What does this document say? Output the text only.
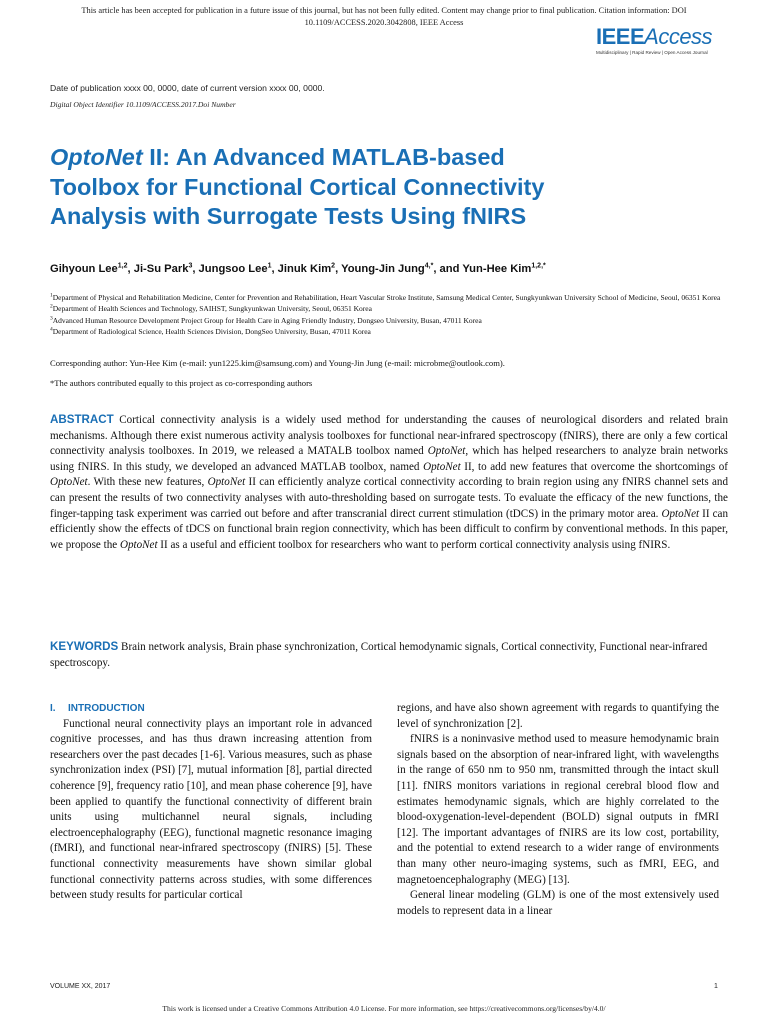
This article has been accepted for publication in a future issue of this journal, but has not been fully edited. Content may change prior to final publication. Citation information: DOI
10.1109/ACCESS.2020.3042808, IEEE Access
IEEEAccess
Multidisciplinary | Rapid Review | Open Access Journal
Date of publication xxxx 00, 0000, date of current version xxxx 00, 0000.
Digital Object Identifier 10.1109/ACCESS.2017.Doi Number
OptoNet II: An Advanced MATLAB-based
Toolbox for Functional Cortical Connectivity
Analysis with Surrogate Tests Using fNIRS
Gihyoun Lee$^{1,2}$, Ji-Su Park$^3$, Jungsoo Lee$^1$, Jinuk Kim$^2$, Young-Jin Jung$^{4,*}$, and Yun-Hee Kim$^{1,2,*}$
$^1$Department of Physical and Rehabilitation Medicine, Center for Prevention and Rehabilitation, Heart Vascular Stroke Institute, Samsung Medical Center, Sungkyunkwan University School of Medicine, Seoul, 06351 Korea
$^2$Department of Health Sciences and Technology, SAIHST, Sungkyunkwan University, Seoul, 06351 Korea
$^3$Advanced Human Resource Development Project Group for Health Care in Aging Friendly Industry, Dongseo University, Busan, 47011 Korea
$^4$Department of Radiological Science, Health Sciences Division, DongSeo University, Busan, 47011 Korea
Corresponding author: Yun-Hee Kim (e-mail: yun1225.kim@samsung.com) and Young-Jin Jung (e-mail: microbme@outlook.com).
*The authors contributed equally to this project as co-corresponding authors
ABSTRACT Cortical connectivity analysis is a widely used method for understanding the causes of neurological disorders and related brain mechanisms. Although there exist numerous activity analysis toolboxes for functional near-infrared spectroscopy (fNIRS), there are only a few cortical connectivity analysis toolboxes. In 2019, we released a MATALB toolbox named OptoNet, which has helped researchers to analyze brain networks using fNIRS. In this study, we developed an advanced MATLAB toolbox, named OptoNet II, to add new features that overcome the shortcomings of OptoNet. With these new features, OptoNet II can efficiently analyze cortical connectivity according to brain region using any fNIRS channel sets and can present the results of two connectivity analyses with auto-thresholding based on surrogate tests. To evaluate the efficacy of the new functions, the finger-tapping task experiment was carried out before and after transcranial direct current stimulation (tDCS) in the primary motor area. OptoNet II can efficiently show the effects of tDCS on functional brain region connectivity, which has been difficult to confirm by conventional methods. In this paper, we propose the OptoNet II as a useful and efficient toolbox for researchers who want to perform cortical connectivity analysis using fNIRS.
KEYWORDS Brain network analysis, Brain phase synchronization, Cortical hemodynamic signals, Cortical connectivity, Functional near-infrared spectroscopy.
I. INTRODUCTION

Functional neural connectivity plays an important role in advanced cognitive processes, and has thus drawn increasing attention from researchers over the past decades [1-6]. Various measures, such as phase synchronization index (PSI) [7], mutual information [8], partial directed coherence [9], frequency ratio [10], and mean phase coherence [9], have been applied to quantify the functional connectivity of different brain units using multichannel neural signals, including electroencephalography (EEG), functional magnetic resonance imaging (fMRI), and functional near-infrared spectroscopy (fNIRS) [5]. These functional connectivity measurements have shown similar global functional connectivity patterns across studies, with some differences between study results for particular cortical

regions, and have also shown agreement with regards to quantifying the level of synchronization [2].

fNIRS is a noninvasive method used to measure hemodynamic brain signals based on the absorption of near-infrared light, with wavelengths in the range of 650 nm to 950 nm, transmitted through the intact skull [11]. fNIRS monitors variations in regional cerebral blood flow and estimates hemodynamic signals, which are highly correlated to the blood-oxygenation-level-dependent (BOLD) signal outputs in fMRI [12]. The important advantages of fNIRS are its low cost, portability, and the potential to extend research to a wider range of environments than many other neuro-imaging systems, such as fMRI, EEG, and magnetoencephalography (MEG) [13].

General linear modeling (GLM) is one of the most extensively used models to represent data in a linear

VOLUME XX, 2017	1
This work is licensed under a Creative Commons Attribution 4.0 License. For more information, see https://creativecommons.org/licenses/by/4.0/
